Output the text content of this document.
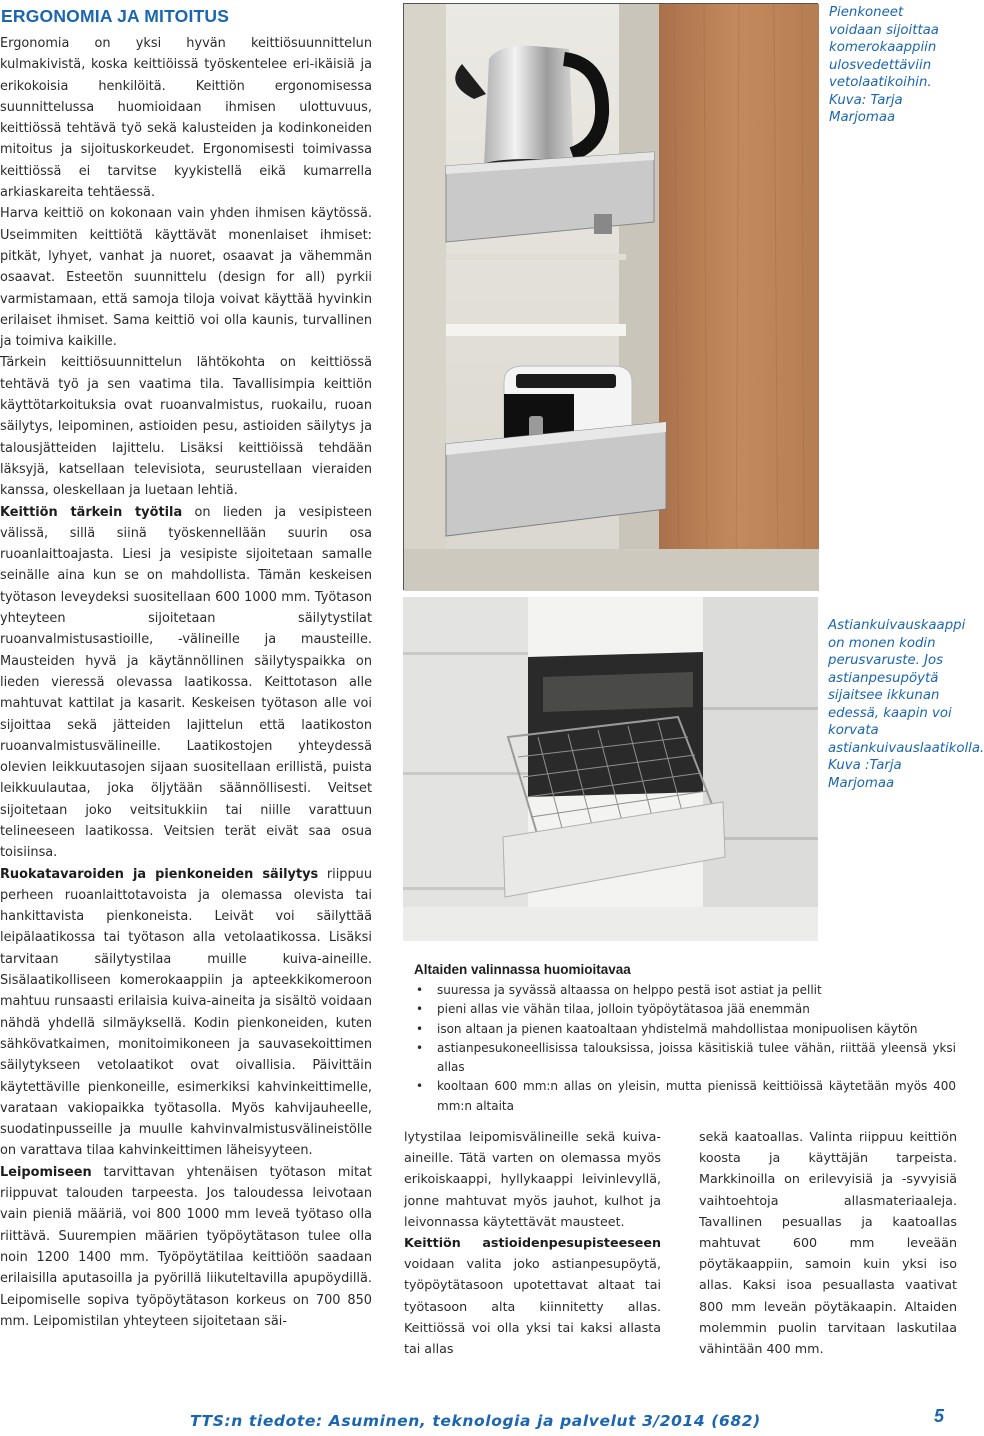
ERGONOMIA JA MITOITUS

Ergonomia on yksi hyvän keittiösuunnittelun kulmakivistä, koska keittiöissä työskentelee eri-ikäisiä ja erikokoisia henkilöitä. Keittiön ergonomisessa suunnittelussa huomioidaan ihmisen ulottuvuus, keittiössä tehtävä työ sekä kalusteiden ja kodinkoneiden mitoitus ja sijoituskorkeudet. Ergonomisesti toimivassa keittiössä ei tarvitse kyykistellä eikä kumarrella arkiaskareita tehtäessä.

Harva keittiö on kokonaan vain yhden ihmisen käytössä. Useimmiten keittiötä käyttävät monenlaiset ihmiset: pitkät, lyhyet, vanhat ja nuoret, osaavat ja vähemmän osaavat. Esteetön suunnittelu (design for all) pyrkii varmistamaan, että samoja tiloja voivat käyttää hyvinkin erilaiset ihmiset. Sama keittiö voi olla kaunis, turvallinen ja toimiva kaikille.

Tärkein keittiösuunnittelun lähtökohta on keittiössä tehtävä työ ja sen vaatima tila. Tavallisimpia keittiön käyttötarkoituksia ovat ruoanvalmistus, ruokailu, ruoan säilytys, leipominen, astioiden pesu, astioiden säilytys ja talousjätteiden lajittelu. Lisäksi keittiöissä tehdään läksyjä, katsellaan televisiota, seurustellaan vieraiden kanssa, oleskellaan ja luetaan lehtiä.

Keittiön tärkein työtila on lieden ja vesipisteen välissä, sillä siinä työskennellään suurin osa ruoanlaittoajasta. Liesi ja vesipiste sijoitetaan samalle seinälle aina kun se on mahdollista. Tämän keskeisen työtason leveydeksi suositellaan 600 1000 mm. Työtason yhteyteen sijoitetaan säilytystilat ruoanvalmistusastioille, -välineille ja mausteille. Mausteiden hyvä ja käytännöllinen säilytyspaikka on lieden vieressä olevassa laatikossa. Keittotason alle mahtuvat kattilat ja kasarit. Keskeisen työtason alle voi sijoittaa sekä jätteiden lajittelun että laatikoston ruoanvalmistusvälineille. Laatikostojen yhteydessä olevien leikkuutasojen sijaan suositellaan erillistä, puista leikkuulautaa, joka öljytään säännöllisesti. Veitset sijoitetaan joko veitsitukkiin tai niille varattuun telineeseen laatikossa. Veitsien terät eivät saa osua toisiinsa.

Ruokatavaroiden ja pienkoneiden säilytys riippuu perheen ruoanlaittotavoista ja olemassa olevista tai hankittavista pienkoneista. Leivät voi säilyttää leipälaatikossa tai työtason alla vetolaatikossa. Lisäksi tarvitaan säilytystilaa muille kuiva-aineille. Sisälaatikolliseen komerokaappiin ja apteekkikomeroon mahtuu runsaasti erilaisia kuiva-aineita ja sisältö voidaan nähdä yhdellä silmäyksellä. Kodin pienkoneiden, kuten sähkövatkaimen, monitoimikoneen ja sauvasekoittimen säilytykseen vetolaatikot ovat oivallisia. Päivittäin käytettäville pienkoneille, esimerkiksi kahvinkeittimelle, varataan vakiopaikka työtasolla. Myös kahvijauheelle, suodatinpusseille ja muulle kahvinvalmistusvälineistölle on varattava tilaa kahvinkeittimen läheisyyteen.

Leipomiseen tarvittavan yhtenäisen työtason mitat riippuvat talouden tarpeesta. Jos taloudessa leivotaan vain pieniä määriä, voi 800 1000 mm leveä työtaso olla riittävä. Suurempien määrien työpöytätason tulee olla noin 1200 1400 mm. Työpöytätilaa keittiöön saadaan erilaisilla aputasoilla ja pyörillä liikuteltavilla apupöydillä. Leipomiselle sopiva työpöytätason korkeus on 700 850 mm. Leipomistilan yhteyteen sijoitetaan säi-

Pienkoneet voidaan sijoittaa komerokaappiin ulosvedettäviin vetolaatikoihin. Kuva: Tarja Marjomaa
Astiankuivauskaappi on monen kodin perusvaruste. Jos astianpesupöytä sijaitsee ikkunan edessä, kaapin voi korvata astiankuivauslaatikolla. Kuva :Tarja Marjomaa
Altaiden valinnassa huomioitavaa
• suuressa ja syvässä altaassa on helppo pestä isot astiat ja pellit
• pieni allas vie vähän tilaa, jolloin työpöytätasoa jää enemmän
• ison altaan ja pienen kaatoaltaan yhdistelmä mahdollistaa monipuolisen käytön
• astianpesukoneellisissa talouksissa, joissa käsitiskiä tulee vähän, riittää yleensä yksi allas
• kooltaan 600 mm:n allas on yleisin, mutta pienissä keittiöissä käytetään myös 400 mm:n altaita

lytystilaa leipomisvälineille sekä kuiva-aineille. Tätä varten on olemassa myös erikoiskaappi, hyllykaappi leivinlevyllä, jonne mahtuvat myös jauhot, kulhot ja leivonnassa käytettävät mausteet.

Keittiön astioidenpesupisteeseen voidaan valita joko astianpesupöytä, työpöytätasoon upotettavat altaat tai työtasoon alta kiinnitetty allas. Keittiössä voi olla yksi tai kaksi allasta tai allas

sekä kaatoallas. Valinta riippuu keittiön koosta ja käyttäjän tarpeista. Markkinoilla on erilevyisiä ja -syvyisiä vaihtoehtoja allasmateriaaleja. Tavallinen pesuallas ja kaatoallas mahtuvat 600 mm leveään pöytäkaappiin, samoin kuin yksi iso allas. Kaksi isoa pesuallasta vaativat 800 mm leveän pöytäkaapin. Altaiden molemmin puolin tarvitaan laskutilaa vähintään 400 mm.

TTS:n tiedote: Asuminen, teknologia ja palvelut 3/2014 (682)	5
